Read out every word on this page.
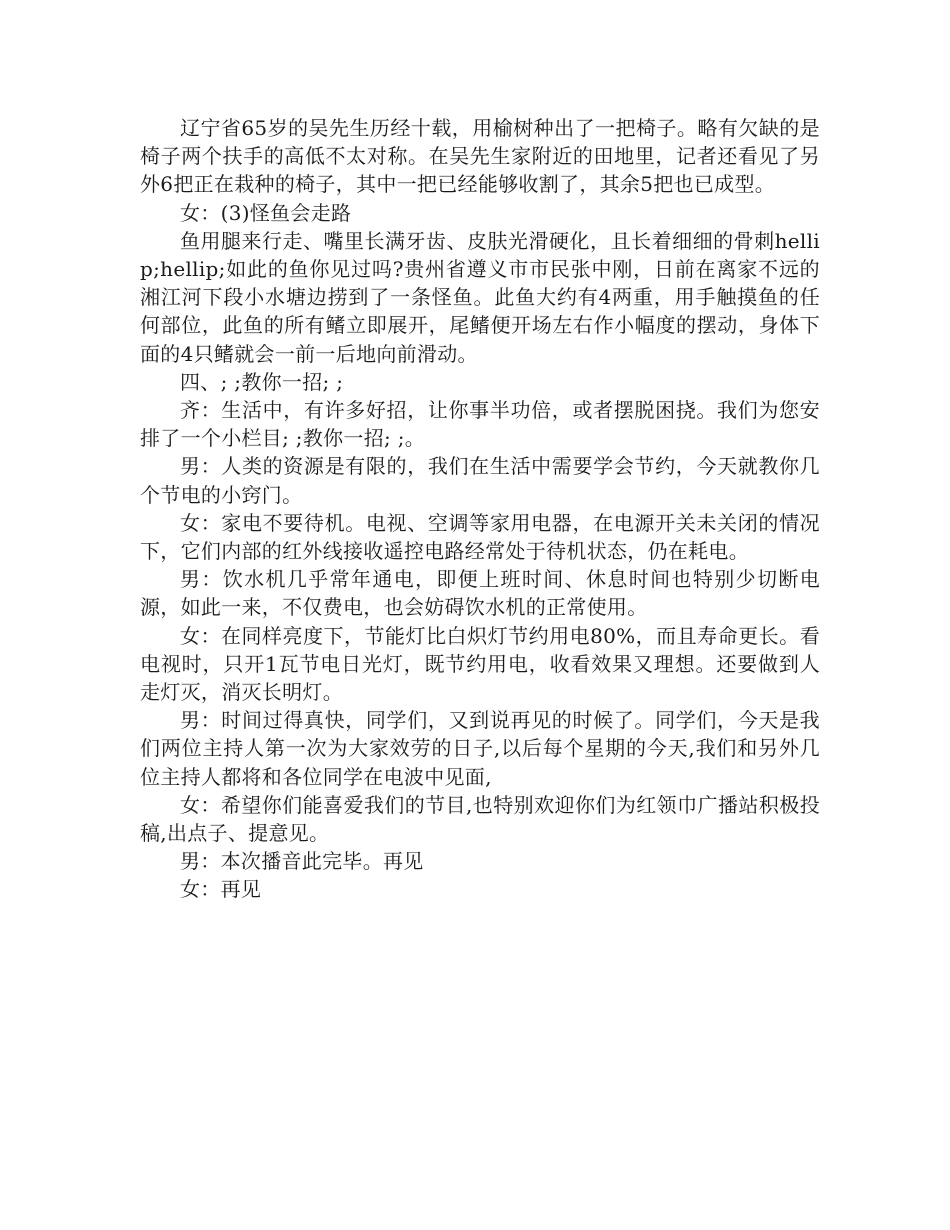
辽宁省65岁的吴先生历经十载，用榆树种出了一把椅子。略有欠缺的是椅子两个扶手的高低不太对称。在吴先生家附近的田地里，记者还看见了另外6把正在栽种的椅子，其中一把已经能够收割了，其余5把也已成型。

女：(3)怪鱼会走路

鱼用腿来行走、嘴里长满牙齿、皮肤光滑硬化，且长着细细的骨刺hellip;hellip;如此的鱼你见过吗?贵州省遵义市市民张中刚，日前在离家不远的湘江河下段小水塘边捞到了一条怪鱼。此鱼大约有4两重，用手触摸鱼的任何部位，此鱼的所有鳍立即展开，尾鳍便开场左右作小幅度的摆动，身体下面的4只鳍就会一前一后地向前滑动。

四、; ;教你一招; ;

齐：生活中，有许多好招，让你事半功倍，或者摆脱困挠。我们为您安排了一个小栏目; ;教你一招; ;。

男：人类的资源是有限的，我们在生活中需要学会节约，今天就教你几个节电的小窍门。

女：家电不要待机。电视、空调等家用电器，在电源开关未关闭的情况下，它们内部的红外线接收遥控电路经常处于待机状态，仍在耗电。

男：饮水机几乎常年通电，即便上班时间、休息时间也特别少切断电源，如此一来，不仅费电，也会妨碍饮水机的正常使用。

女：在同样亮度下，节能灯比白炽灯节约用电80%，而且寿命更长。看电视时，只开1瓦节电日光灯，既节约用电，收看效果又理想。还要做到人走灯灭，消灭长明灯。

男：时间过得真快，同学们，又到说再见的时候了。同学们，今天是我们两位主持人第一次为大家效劳的日子,以后每个星期的今天,我们和另外几位主持人都将和各位同学在电波中见面,

女：希望你们能喜爱我们的节目,也特别欢迎你们为红领巾广播站积极投稿,出点子、提意见。

男：本次播音此完毕。再见

女：再见
